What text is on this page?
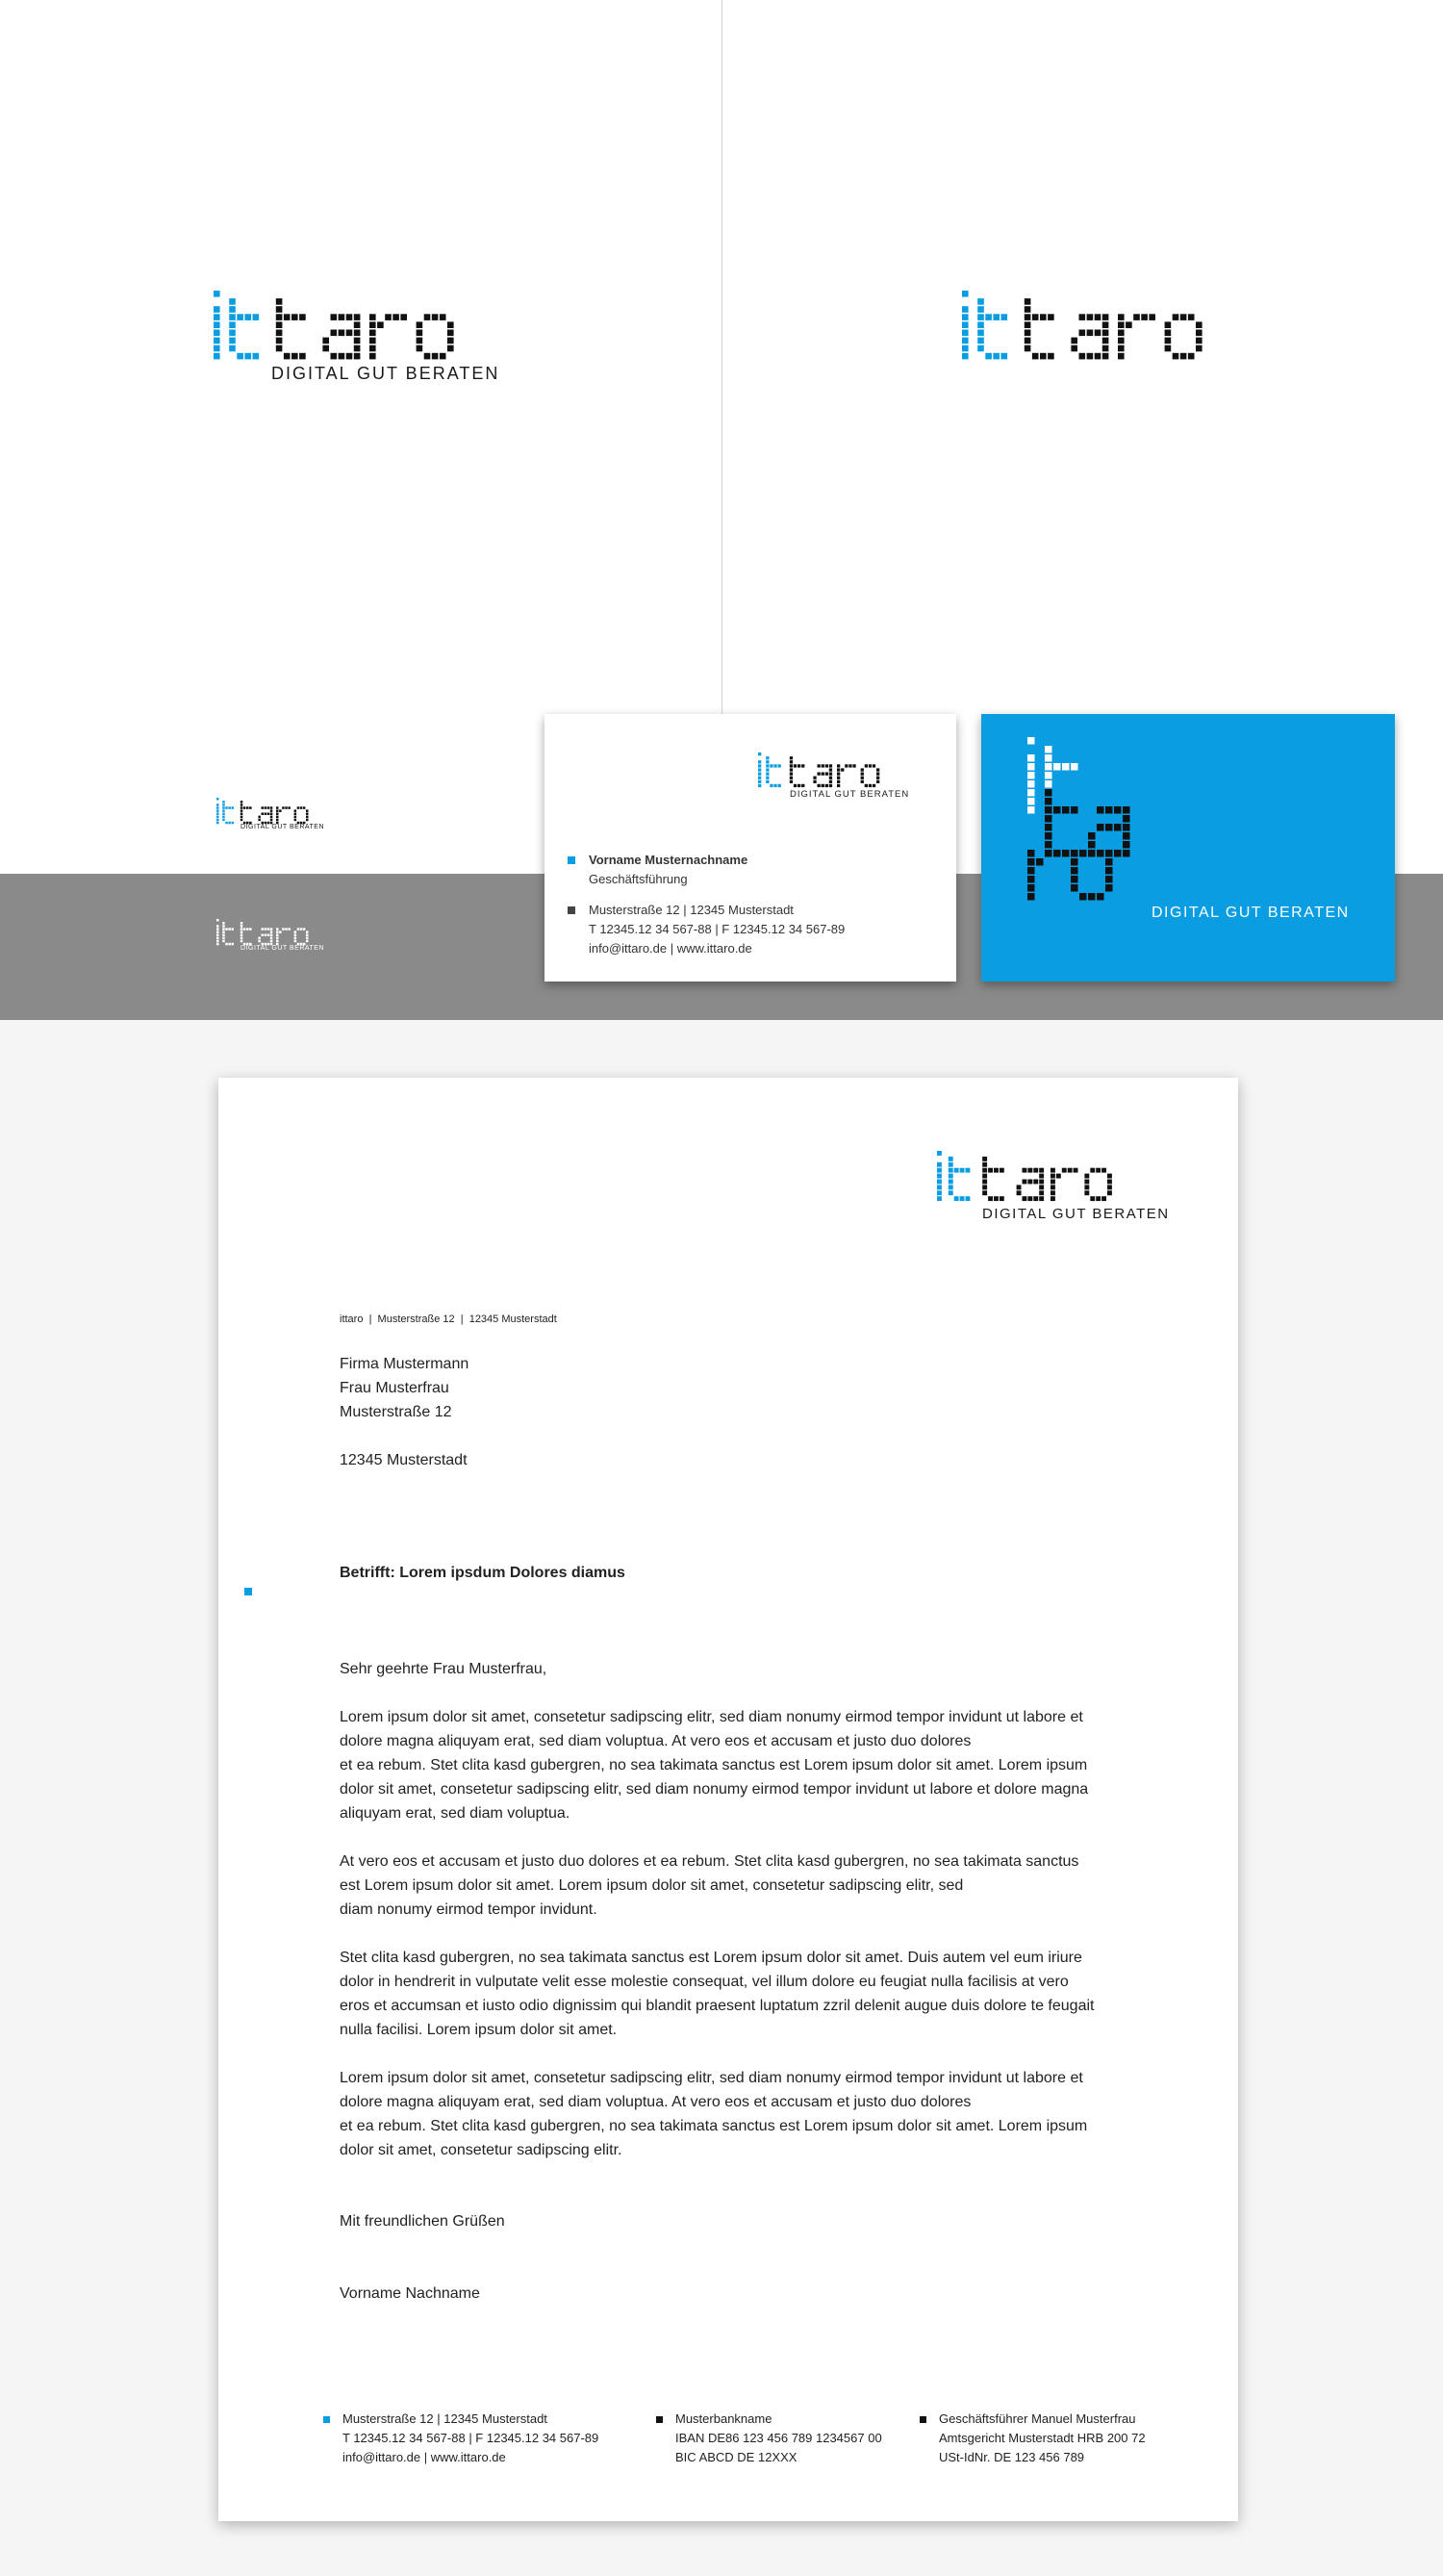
DIGITAL GUT BERATEN
DIGITAL GUT BERATEN
DIGITAL GUT BERATEN
DIGITAL GUT BERATEN
Vorname Musternachname
Geschäftsführung
Musterstraße 12 | 12345 Musterstadt
T 12345.12 34 567-88 | F 12345.12 34 567-89
info@ittaro.de | www.ittaro.de
DIGITAL GUT BERATEN
DIGITAL GUT BERATEN
ittaro  |  Musterstraße 12  |  12345 Musterstadt
Firma Mustermann
Frau Musterfrau
Musterstraße 12
12345 Musterstadt
Betrifft: Lorem ipsdum Dolores diamus
Sehr geehrte Frau Musterfrau,
Lorem ipsum dolor sit amet, consetetur sadipscing elitr, sed diam nonumy eirmod tempor invidunt ut labore et
dolore magna aliquyam erat, sed diam voluptua. At vero eos et accusam et justo duo dolores
et ea rebum. Stet clita kasd gubergren, no sea takimata sanctus est Lorem ipsum dolor sit amet. Lorem ipsum
dolor sit amet, consetetur sadipscing elitr, sed diam nonumy eirmod tempor invidunt ut labore et dolore magna
aliquyam erat, sed diam voluptua.
At vero eos et accusam et justo duo dolores et ea rebum. Stet clita kasd gubergren, no sea takimata sanctus
est Lorem ipsum dolor sit amet. Lorem ipsum dolor sit amet, consetetur sadipscing elitr, sed
diam nonumy eirmod tempor invidunt.
Stet clita kasd gubergren, no sea takimata sanctus est Lorem ipsum dolor sit amet. Duis autem vel eum iriure
dolor in hendrerit in vulputate velit esse molestie consequat, vel illum dolore eu feugiat nulla facilisis at vero
eros et accumsan et iusto odio dignissim qui blandit praesent luptatum zzril delenit augue duis dolore te feugait
nulla facilisi. Lorem ipsum dolor sit amet.
Lorem ipsum dolor sit amet, consetetur sadipscing elitr, sed diam nonumy eirmod tempor invidunt ut labore et
dolore magna aliquyam erat, sed diam voluptua. At vero eos et accusam et justo duo dolores
et ea rebum. Stet clita kasd gubergren, no sea takimata sanctus est Lorem ipsum dolor sit amet. Lorem ipsum
dolor sit amet, consetetur sadipscing elitr.
Mit freundlichen Grüßen
Vorname Nachname
Musterstraße 12 | 12345 Musterstadt
T 12345.12 34 567-88 | F 12345.12 34 567-89
info@ittaro.de | www.ittaro.de
Musterbankname
IBAN DE86 123 456 789 1234567 00
BIC ABCD DE 12XXX
Geschäftsführer Manuel Musterfrau
Amtsgericht Musterstadt HRB 200 72
USt-IdNr. DE 123 456 789
